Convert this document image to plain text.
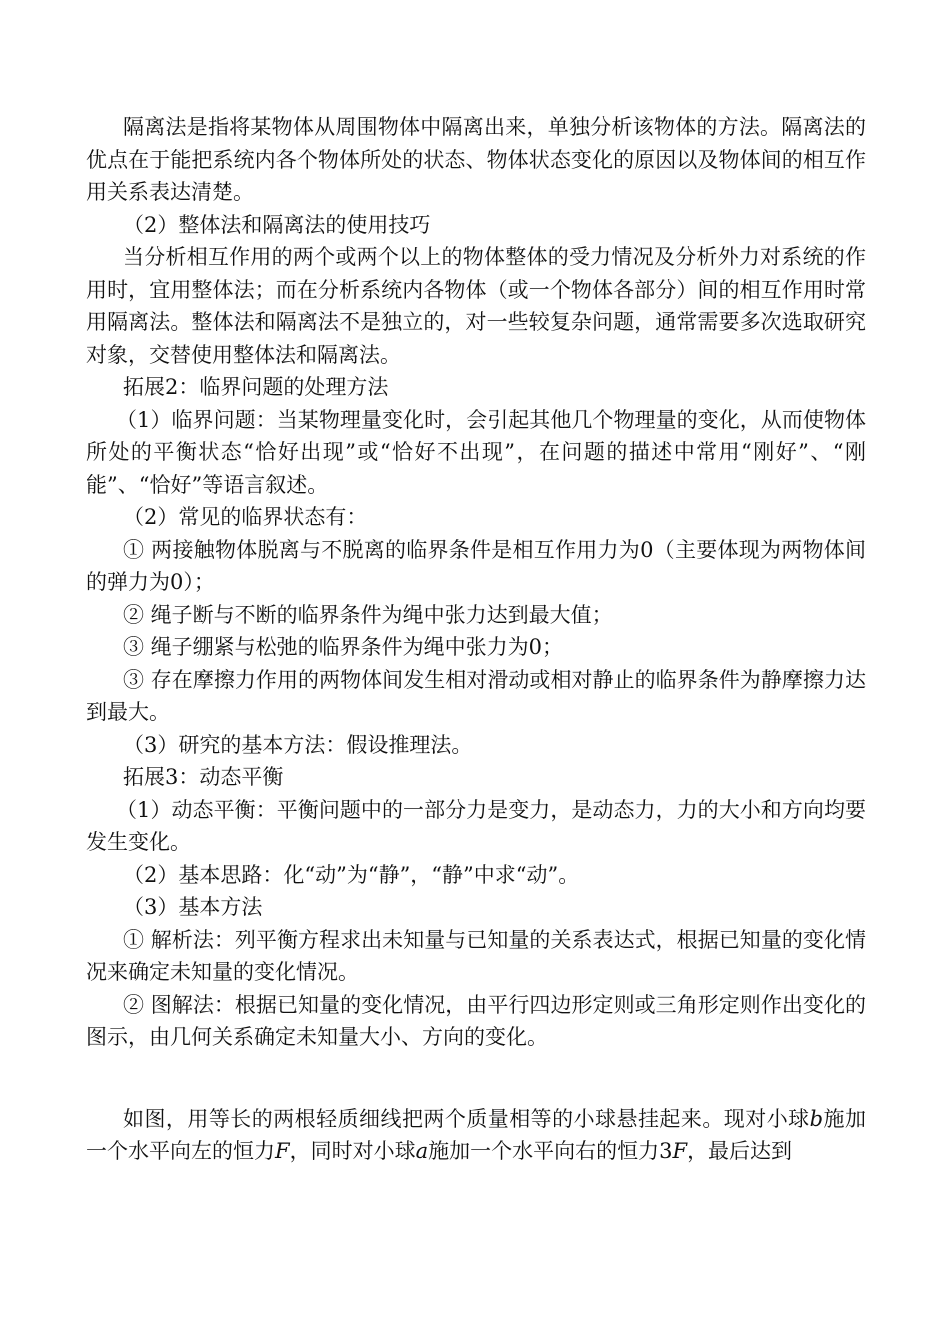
隔离法是指将某物体从周围物体中隔离出来，单独分析该物体的方法。隔离法的优点在于能把系统内各个物体所处的状态、物体状态变化的原因以及物体间的相互作用关系表达清楚。

（2）整体法和隔离法的使用技巧

当分析相互作用的两个或两个以上的物体整体的受力情况及分析外力对系统的作用时，宜用整体法；而在分析系统内各物体（或一个物体各部分）间的相互作用时常用隔离法。整体法和隔离法不是独立的，对一些较复杂问题，通常需要多次选取研究对象，交替使用整体法和隔离法。

拓展2：临界问题的处理方法

（1）临界问题：当某物理量变化时，会引起其他几个物理量的变化，从而使物体所处的平衡状态“恰好出现”或“恰好不出现”，在问题的描述中常用“刚好”、“刚能”、“恰好”等语言叙述。

（2）常见的临界状态有：

① 两接触物体脱离与不脱离的临界条件是相互作用力为0（主要体现为两物体间的弹力为0）；

② 绳子断与不断的临界条件为绳中张力达到最大值；

③ 绳子绷紧与松弛的临界条件为绳中张力为0；

③ 存在摩擦力作用的两物体间发生相对滑动或相对静止的临界条件为静摩擦力达到最大。

（3）研究的基本方法：假设推理法。

拓展3：动态平衡

（1）动态平衡：平衡问题中的一部分力是变力，是动态力，力的大小和方向均要发生变化。

（2）基本思路：化“动”为“静”，“静”中求“动”。

（3）基本方法

① 解析法：列平衡方程求出未知量与已知量的关系表达式，根据已知量的变化情况来确定未知量的变化情况。

② 图解法：根据已知量的变化情况，由平行四边形定则或三角形定则作出变化的图示，由几何关系确定未知量大小、方向的变化。

如图，用等长的两根轻质细线把两个质量相等的小球悬挂起来。现对小球b施加一个水平向左的恒力F，同时对小球a施加一个水平向右的恒力3F，最后达到
